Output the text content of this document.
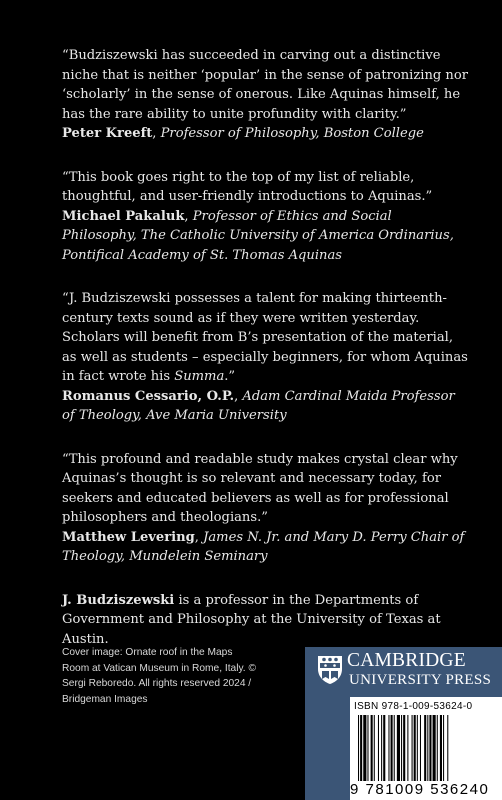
“Budziszewski has succeeded in carving out a distinctive niche that is neither ‘popular’ in the sense of patronizing nor ‘scholarly’ in the sense of onerous. Like Aquinas himself, he has the rare ability to unite profundity with clarity.”

Peter Kreeft, Professor of Philosophy, Boston College

“This book goes right to the top of my list of reliable, thoughtful, and user-friendly introductions to Aquinas.”

Michael Pakaluk, Professor of Ethics and Social Philosophy, The Catholic University of America Ordinarius, Pontifical Academy of St. Thomas Aquinas

“J. Budziszewski possesses a talent for making thirteenth-century texts sound as if they were written yesterday. Scholars will benefit from B’s presentation of the material, as well as students – especially beginners, for whom Aquinas in fact wrote his Summa.”

Romanus Cessario, O.P., Adam Cardinal Maida Professor of Theology, Ave Maria University

“This profound and readable study makes crystal clear why Aquinas’s thought is so relevant and necessary today, for seekers and educated believers as well as for professional philosophers and theologians.”

Matthew Levering, James N. Jr. and Mary D. Perry Chair of Theology, Mundelein Seminary

J. Budziszewski is a professor in the Departments of Government and Philosophy at the University of Texas at Austin.

Cover image: Ornate roof in the Maps Room at Vatican Museum in Rome, Italy. © Sergi Reboredo. All rights reserved 2024 / Bridgeman Images
CAMBRIDGE
UNIVERSITY PRESS
ISBN 978-1-009-53624-0
9 781009 536240
